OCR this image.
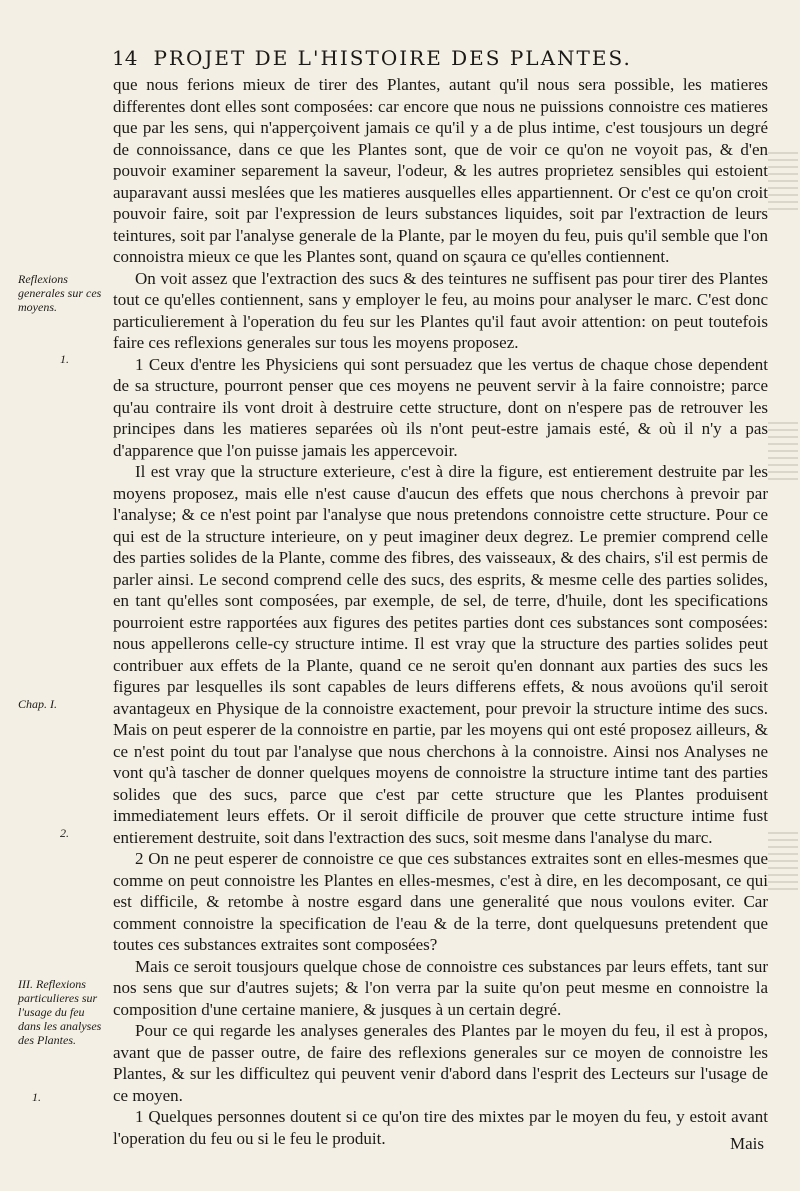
14 PROJET DE L'HISTOIRE DES PLANTES.

que nous ferions mieux de tirer des Plantes, autant qu'il nous sera possible, les matieres differentes dont elles sont composées: car encore que nous ne puissions connoistre ces matieres que par les sens, qui n'apperçoivent jamais ce qu'il y a de plus intime, c'est tousjours un degré de connoissance, dans ce que les Plantes sont, que de voir ce qu'on ne voyoit pas, & d'en pouvoir examiner separement la saveur, l'odeur, & les autres proprietez sensibles qui estoient auparavant aussi meslées que les matieres ausquelles elles appartiennent. Or c'est ce qu'on croit pouvoir faire, soit par l'expression de leurs substances liquides, soit par l'extraction de leurs teintures, soit par l'analyse generale de la Plante, par le moyen du feu, puis qu'il semble que l'on connoistra mieux ce que les Plantes sont, quand on sçaura ce qu'elles contiennent.

On voit assez que l'extraction des sucs & des teintures ne suffisent pas pour tirer des Plantes tout ce qu'elles contiennent, sans y employer le feu, au moins pour analyser le marc. C'est donc particulierement à l'operation du feu sur les Plantes qu'il faut avoir attention: on peut toutefois faire ces reflexions generales sur tous les moyens proposez.

1 Ceux d'entre les Physiciens qui sont persuadez que les vertus de chaque chose dependent de sa structure, pourront penser que ces moyens ne peuvent servir à la faire connoistre; parce qu'au contraire ils vont droit à destruire cette structure, dont on n'espere pas de retrouver les principes dans les matieres separées où ils n'ont peut-estre jamais esté, & où il n'y a pas d'apparence que l'on puisse jamais les appercevoir.

Il est vray que la structure exterieure, c'est à dire la figure, est entierement destruite par les moyens proposez, mais elle n'est cause d'aucun des effets que nous cherchons à prevoir par l'analyse; & ce n'est point par l'analyse que nous pretendons connoistre cette structure. Pour ce qui est de la structure interieure, on y peut imaginer deux degrez. Le premier comprend celle des parties solides de la Plante, comme des fibres, des vaisseaux, & des chairs, s'il est permis de parler ainsi. Le second comprend celle des sucs, des esprits, & mesme celle des parties solides, en tant qu'elles sont composées, par exemple, de sel, de terre, d'huile, dont les specifications pourroient estre rapportées aux figures des petites parties dont ces substances sont composées: nous appellerons celle-cy structure intime. Il est vray que la structure des parties solides peut contribuer aux effets de la Plante, quand ce ne seroit qu'en donnant aux parties des sucs les figures par lesquelles ils sont capables de leurs differens effets, & nous avoüons qu'il seroit avantageux en Physique de la connoistre exactement, pour prevoir la structure intime des sucs. Mais on peut esperer de la connoistre en partie, par les moyens qui ont esté proposez ailleurs, & ce n'est point du tout par l'analyse que nous cherchons à la connoistre. Ainsi nos Analyses ne vont qu'à tascher de donner quelques moyens de connoistre la structure intime tant des parties solides que des sucs, parce que c'est par cette structure que les Plantes produisent immediatement leurs effets. Or il seroit difficile de prouver que cette structure intime fust entierement destruite, soit dans l'extraction des sucs, soit mesme dans l'analyse du marc.

2 On ne peut esperer de connoistre ce que ces substances extraites sont en elles-mesmes que comme on peut connoistre les Plantes en elles-mesmes, c'est à dire, en les decomposant, ce qui est difficile, & retombe à nostre esgard dans une generalité que nous voulons eviter. Car comment connoistre la specification de l'eau & de la terre, dont quelquesuns pretendent que toutes ces substances extraites sont composées?

Mais ce seroit tousjours quelque chose de connoistre ces substances par leurs effets, tant sur nos sens que sur d'autres sujets; & l'on verra par la suite qu'on peut mesme en connoistre la composition d'une certaine maniere, & jusques à un certain degré.

Pour ce qui regarde les analyses generales des Plantes par le moyen du feu, il est à propos, avant que de passer outre, de faire des reflexions generales sur ce moyen de connoistre les Plantes, & sur les difficultez qui peuvent venir d'abord dans l'esprit des Lecteurs sur l'usage de ce moyen.

1 Quelques personnes doutent si ce qu'on tire des mixtes par le moyen du feu, y estoit avant l'operation du feu ou si le feu le produit.

Reflexions generales sur ces moyens.
1.
Chap. I.
2.
III. Reflexions particulieres sur l'usage du feu dans les analyses des Plantes.
1.
Mais
